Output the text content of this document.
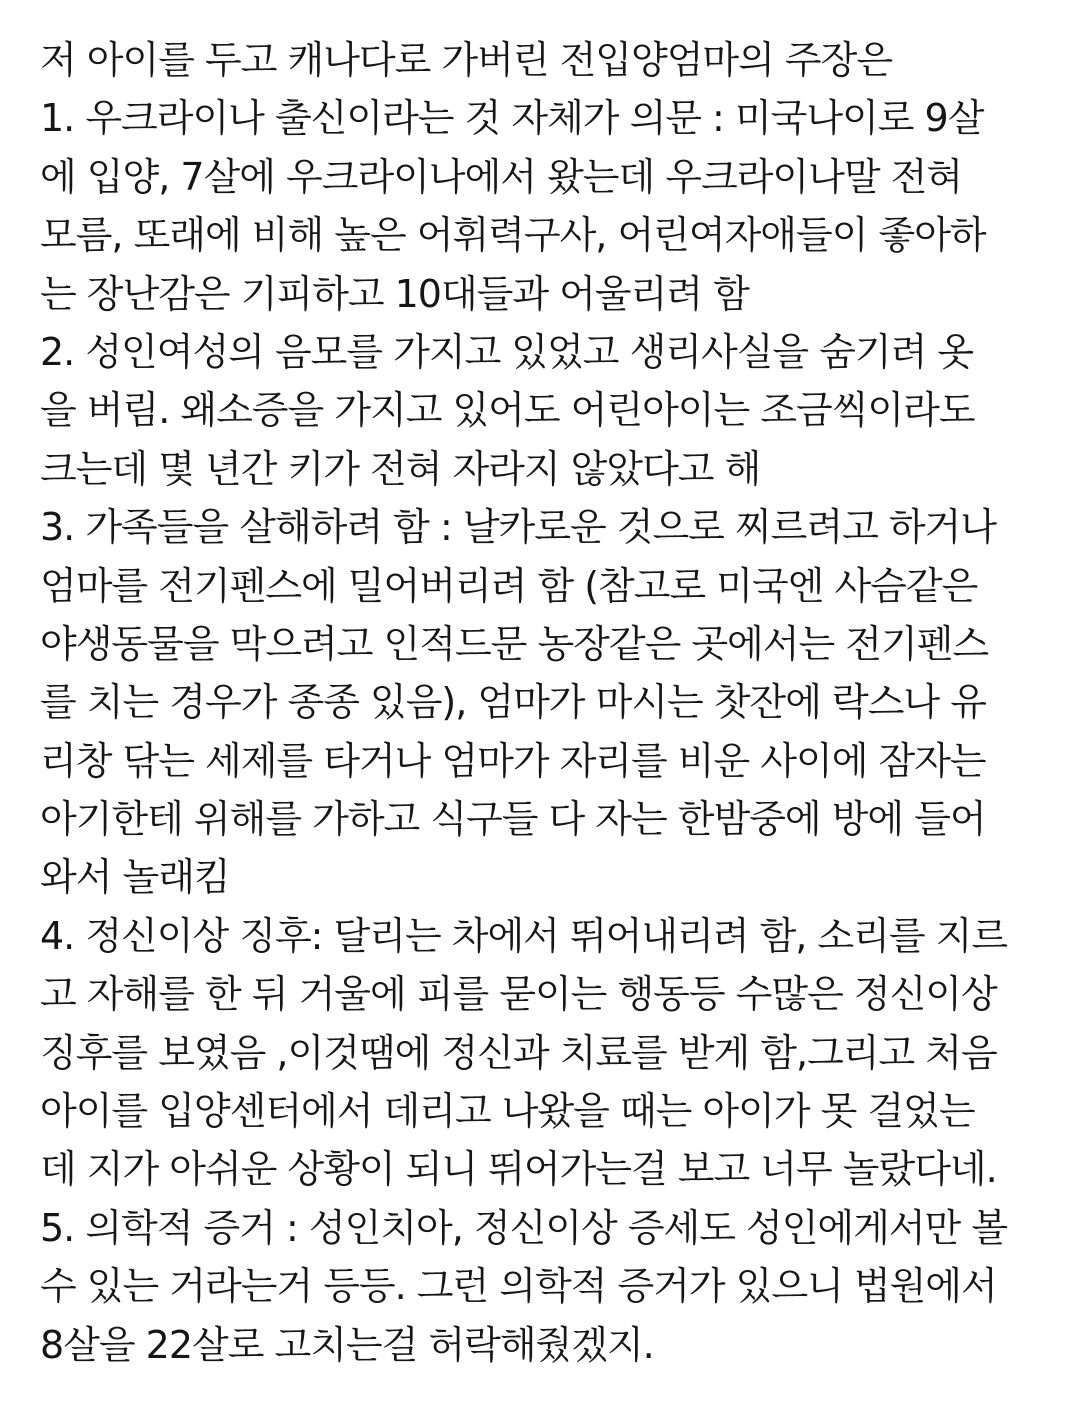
저 아이를 두고 캐나다로 가버린 전입양엄마의 주장은
1. 우크라이나 출신이라는 것 자체가 의문 : 미국나이로 9살
에 입양, 7살에 우크라이나에서 왔는데 우크라이나말 전혀
모름, 또래에 비해 높은 어휘력구사, 어린여자애들이 좋아하
는 장난감은 기피하고 10대들과 어울리려 함
2. 성인여성의 음모를 가지고 있었고 생리사실을 숨기려 옷
을 버림. 왜소증을 가지고 있어도 어린아이는 조금씩이라도
크는데 몇 년간 키가 전혀 자라지 않았다고 해
3. 가족들을 살해하려 함 : 날카로운 것으로 찌르려고 하거나
엄마를 전기펜스에 밀어버리려 함 (참고로 미국엔 사슴같은
야생동물을 막으려고 인적드문 농장같은 곳에서는 전기펜스
를 치는 경우가 종종 있음), 엄마가 마시는 찻잔에 락스나 유
리창 닦는 세제를 타거나 엄마가 자리를 비운 사이에 잠자는
아기한테 위해를 가하고 식구들 다 자는 한밤중에 방에 들어
와서 놀래킴
4. 정신이상 징후: 달리는 차에서 뛰어내리려 함, 소리를 지르
고 자해를 한 뒤 거울에 피를 묻이는 행동등 수많은 정신이상
징후를 보였음 ,이것땜에 정신과 치료를 받게 함,그리고 처음
아이를 입양센터에서 데리고 나왔을 때는 아이가 못 걸었는
데 지가 아쉬운 상황이 되니 뛰어가는걸 보고 너무 놀랐다네.
5. 의학적 증거 : 성인치아, 정신이상 증세도 성인에게서만 볼
수 있는 거라는거 등등. 그런 의학적 증거가 있으니 법원에서
8살을 22살로 고치는걸 허락해줬겠지.
